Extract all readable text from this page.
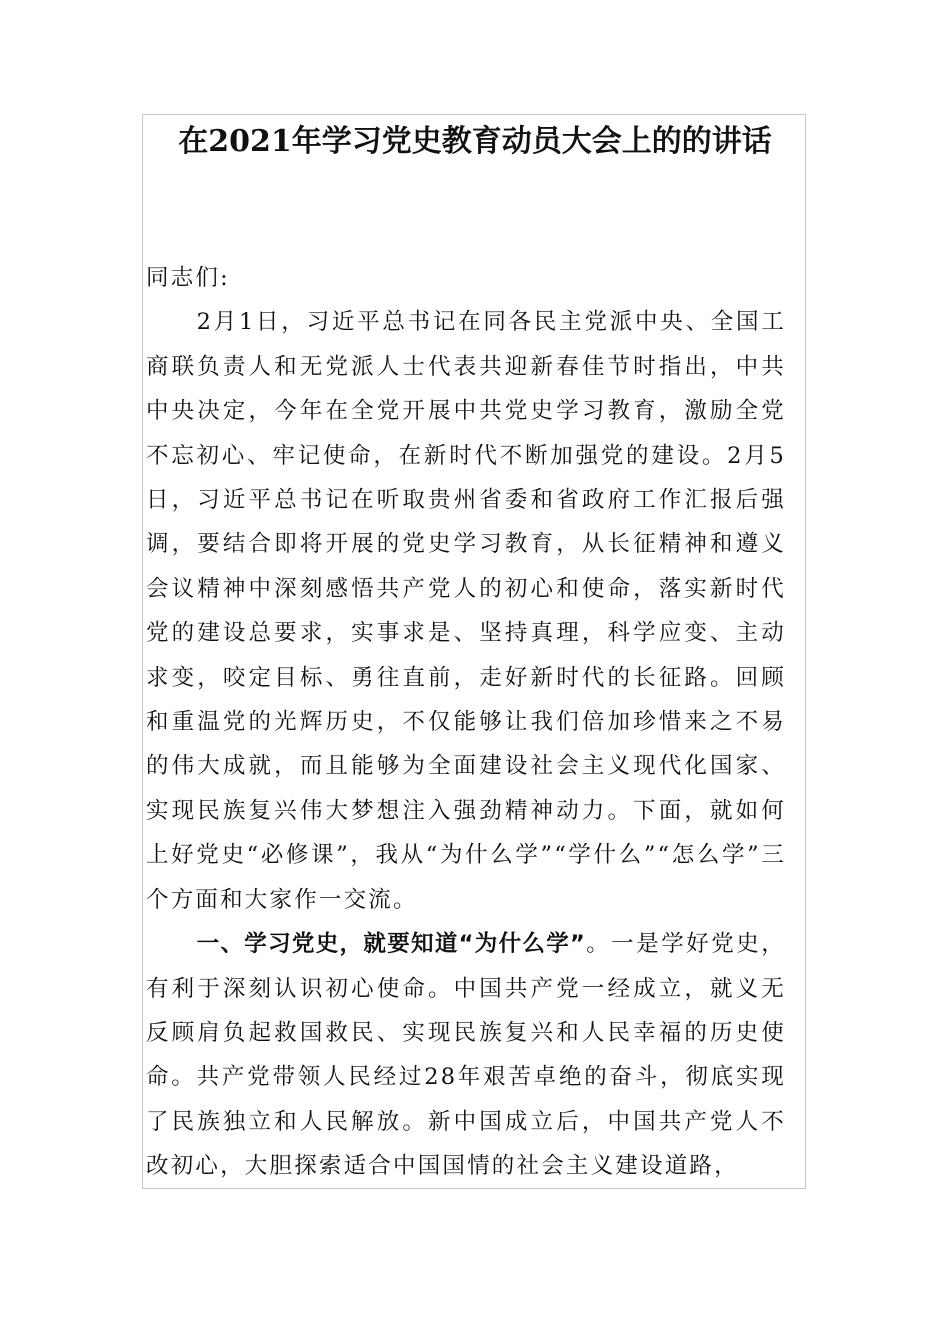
在2021年学习党史教育动员大会上的的讲话

同志们:

2月1日，习近平总书记在同各民主党派中央、全国工商联负责人和无党派人士代表共迎新春佳节时指出，中共中央决定，今年在全党开展中共党史学习教育，激励全党不忘初心、牢记使命，在新时代不断加强党的建设。2月5日，习近平总书记在听取贵州省委和省政府工作汇报后强调，要结合即将开展的党史学习教育，从长征精神和遵义会议精神中深刻感悟共产党人的初心和使命，落实新时代党的建设总要求，实事求是、坚持真理，科学应变、主动求变，咬定目标、勇往直前，走好新时代的长征路。回顾和重温党的光辉历史，不仅能够让我们倍加珍惜来之不易的伟大成就，而且能够为全面建设社会主义现代化国家、实现民族复兴伟大梦想注入强劲精神动力。下面，就如何上好党史“必修课”，我从“为什么学”“学什么”“怎么学”三个方面和大家作一交流。

一、学习党史，就要知道“为什么学”。一是学好党史，有利于深刻认识初心使命。中国共产党一经成立，就义无反顾肩负起救国救民、实现民族复兴和人民幸福的历史使命。共产党带领人民经过28年艰苦卓绝的奋斗，彻底实现了民族独立和人民解放。新中国成立后，中国共产党人不改初心，大胆探索适合中国国情的社会主义建设道路，
